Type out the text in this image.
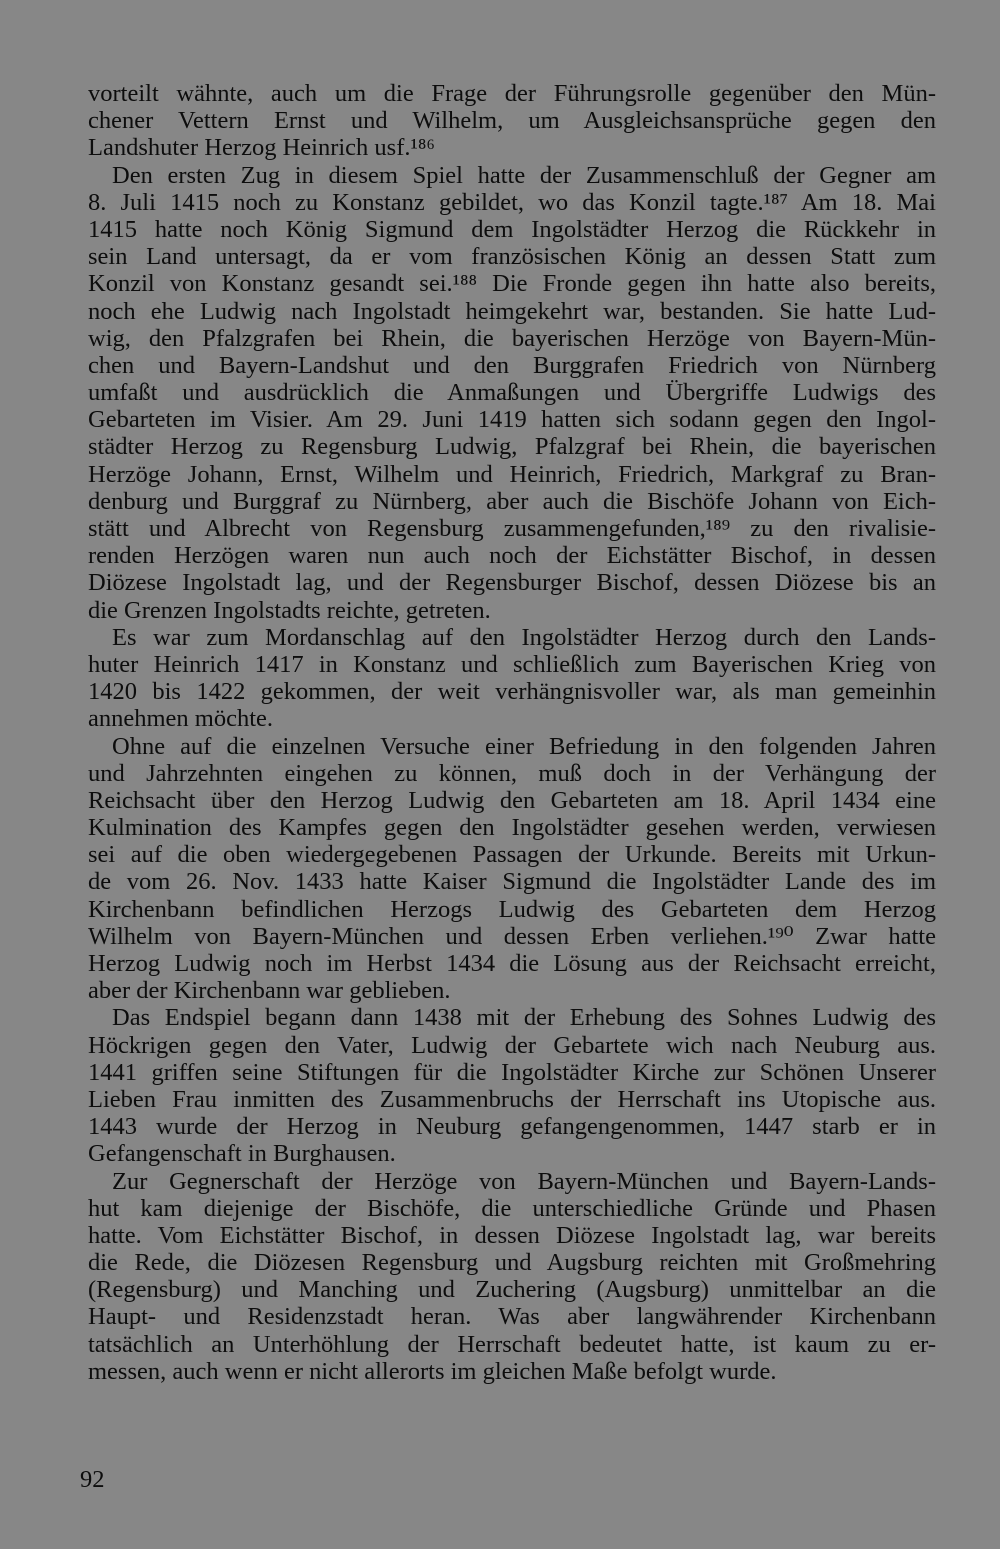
vorteilt wähnte, auch um die Frage der Führungsrolle gegenüber den Mün-
chener Vettern Ernst und Wilhelm, um Ausgleichsansprüche gegen den
Landshuter Herzog Heinrich usf.¹⁸⁶
Den ersten Zug in diesem Spiel hatte der Zusammenschluß der Gegner am
8. Juli 1415 noch zu Konstanz gebildet, wo das Konzil tagte.¹⁸⁷ Am 18. Mai
1415 hatte noch König Sigmund dem Ingolstädter Herzog die Rückkehr in
sein Land untersagt, da er vom französischen König an dessen Statt zum
Konzil von Konstanz gesandt sei.¹⁸⁸ Die Fronde gegen ihn hatte also bereits,
noch ehe Ludwig nach Ingolstadt heimgekehrt war, bestanden. Sie hatte Lud-
wig, den Pfalzgrafen bei Rhein, die bayerischen Herzöge von Bayern-Mün-
chen und Bayern-Landshut und den Burggrafen Friedrich von Nürnberg
umfaßt und ausdrücklich die Anmaßungen und Übergriffe Ludwigs des
Gebarteten im Visier. Am 29. Juni 1419 hatten sich sodann gegen den Ingol-
städter Herzog zu Regensburg Ludwig, Pfalzgraf bei Rhein, die bayerischen
Herzöge Johann, Ernst, Wilhelm und Heinrich, Friedrich, Markgraf zu Bran-
denburg und Burggraf zu Nürnberg, aber auch die Bischöfe Johann von Eich-
stätt und Albrecht von Regensburg zusammengefunden,¹⁸⁹ zu den rivalisie-
renden Herzögen waren nun auch noch der Eichstätter Bischof, in dessen
Diözese Ingolstadt lag, und der Regensburger Bischof, dessen Diözese bis an
die Grenzen Ingolstadts reichte, getreten.
Es war zum Mordanschlag auf den Ingolstädter Herzog durch den Lands-
huter Heinrich 1417 in Konstanz und schließlich zum Bayerischen Krieg von
1420 bis 1422 gekommen, der weit verhängnisvoller war, als man gemeinhin
annehmen möchte.
Ohne auf die einzelnen Versuche einer Befriedung in den folgenden Jahren
und Jahrzehnten eingehen zu können, muß doch in der Verhängung der
Reichsacht über den Herzog Ludwig den Gebarteten am 18. April 1434 eine
Kulmination des Kampfes gegen den Ingolstädter gesehen werden, verwiesen
sei auf die oben wiedergegebenen Passagen der Urkunde. Bereits mit Urkun-
de vom 26. Nov. 1433 hatte Kaiser Sigmund die Ingolstädter Lande des im
Kirchenbann befindlichen Herzogs Ludwig des Gebarteten dem Herzog
Wilhelm von Bayern-München und dessen Erben verliehen.¹⁹⁰ Zwar hatte
Herzog Ludwig noch im Herbst 1434 die Lösung aus der Reichsacht erreicht,
aber der Kirchenbann war geblieben.
Das Endspiel begann dann 1438 mit der Erhebung des Sohnes Ludwig des
Höckrigen gegen den Vater, Ludwig der Gebartete wich nach Neuburg aus.
1441 griffen seine Stiftungen für die Ingolstädter Kirche zur Schönen Unserer
Lieben Frau inmitten des Zusammenbruchs der Herrschaft ins Utopische aus.
1443 wurde der Herzog in Neuburg gefangengenommen, 1447 starb er in
Gefangenschaft in Burghausen.
Zur Gegnerschaft der Herzöge von Bayern-München und Bayern-Lands-
hut kam diejenige der Bischöfe, die unterschiedliche Gründe und Phasen
hatte. Vom Eichstätter Bischof, in dessen Diözese Ingolstadt lag, war bereits
die Rede, die Diözesen Regensburg und Augsburg reichten mit Großmehring
(Regensburg) und Manching und Zuchering (Augsburg) unmittelbar an die
Haupt- und Residenzstadt heran. Was aber langwährender Kirchenbann
tatsächlich an Unterhöhlung der Herrschaft bedeutet hatte, ist kaum zu er-
messen, auch wenn er nicht allerorts im gleichen Maße befolgt wurde.
92
